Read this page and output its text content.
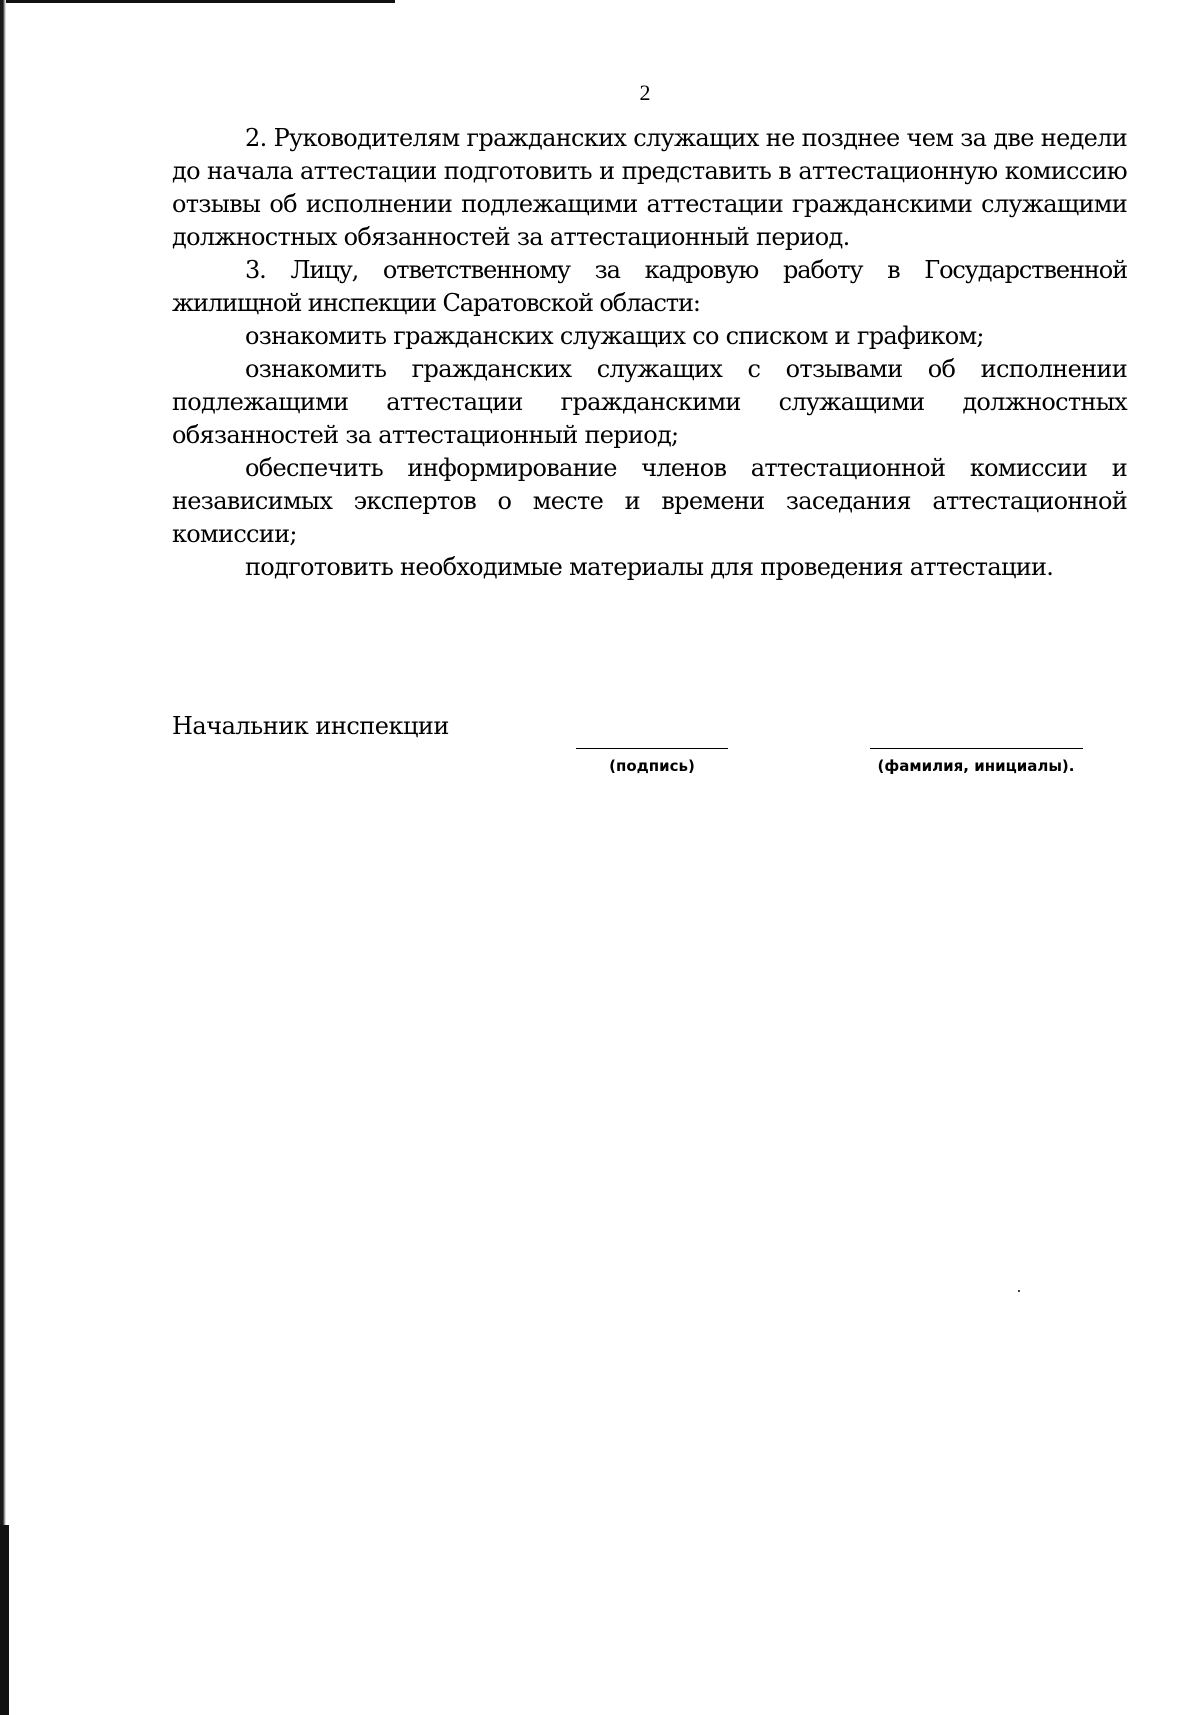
2

2. Руководителям гражданских служащих не позднее чем за две недели до начала аттестации подготовить и представить в аттестационную комиссию отзывы об исполнении подлежащими аттестации гражданскими служащими должностных обязанностей за аттестационный период.

3. Лицу, ответственному за кадровую работу в Государственной жилищной инспекции Саратовской области:

ознакомить гражданских служащих со списком и графиком;

ознакомить гражданских служащих с отзывами об исполнении подлежащими аттестации гражданскими служащими должностных обязанностей за аттестационный период;

обеспечить информирование членов аттестационной комиссии и независимых экспертов о месте и времени заседания аттестационной комиссии;

подготовить необходимые материалы для проведения аттестации.

Начальник инспекции
(подпись)	(фамилия, инициалы).
